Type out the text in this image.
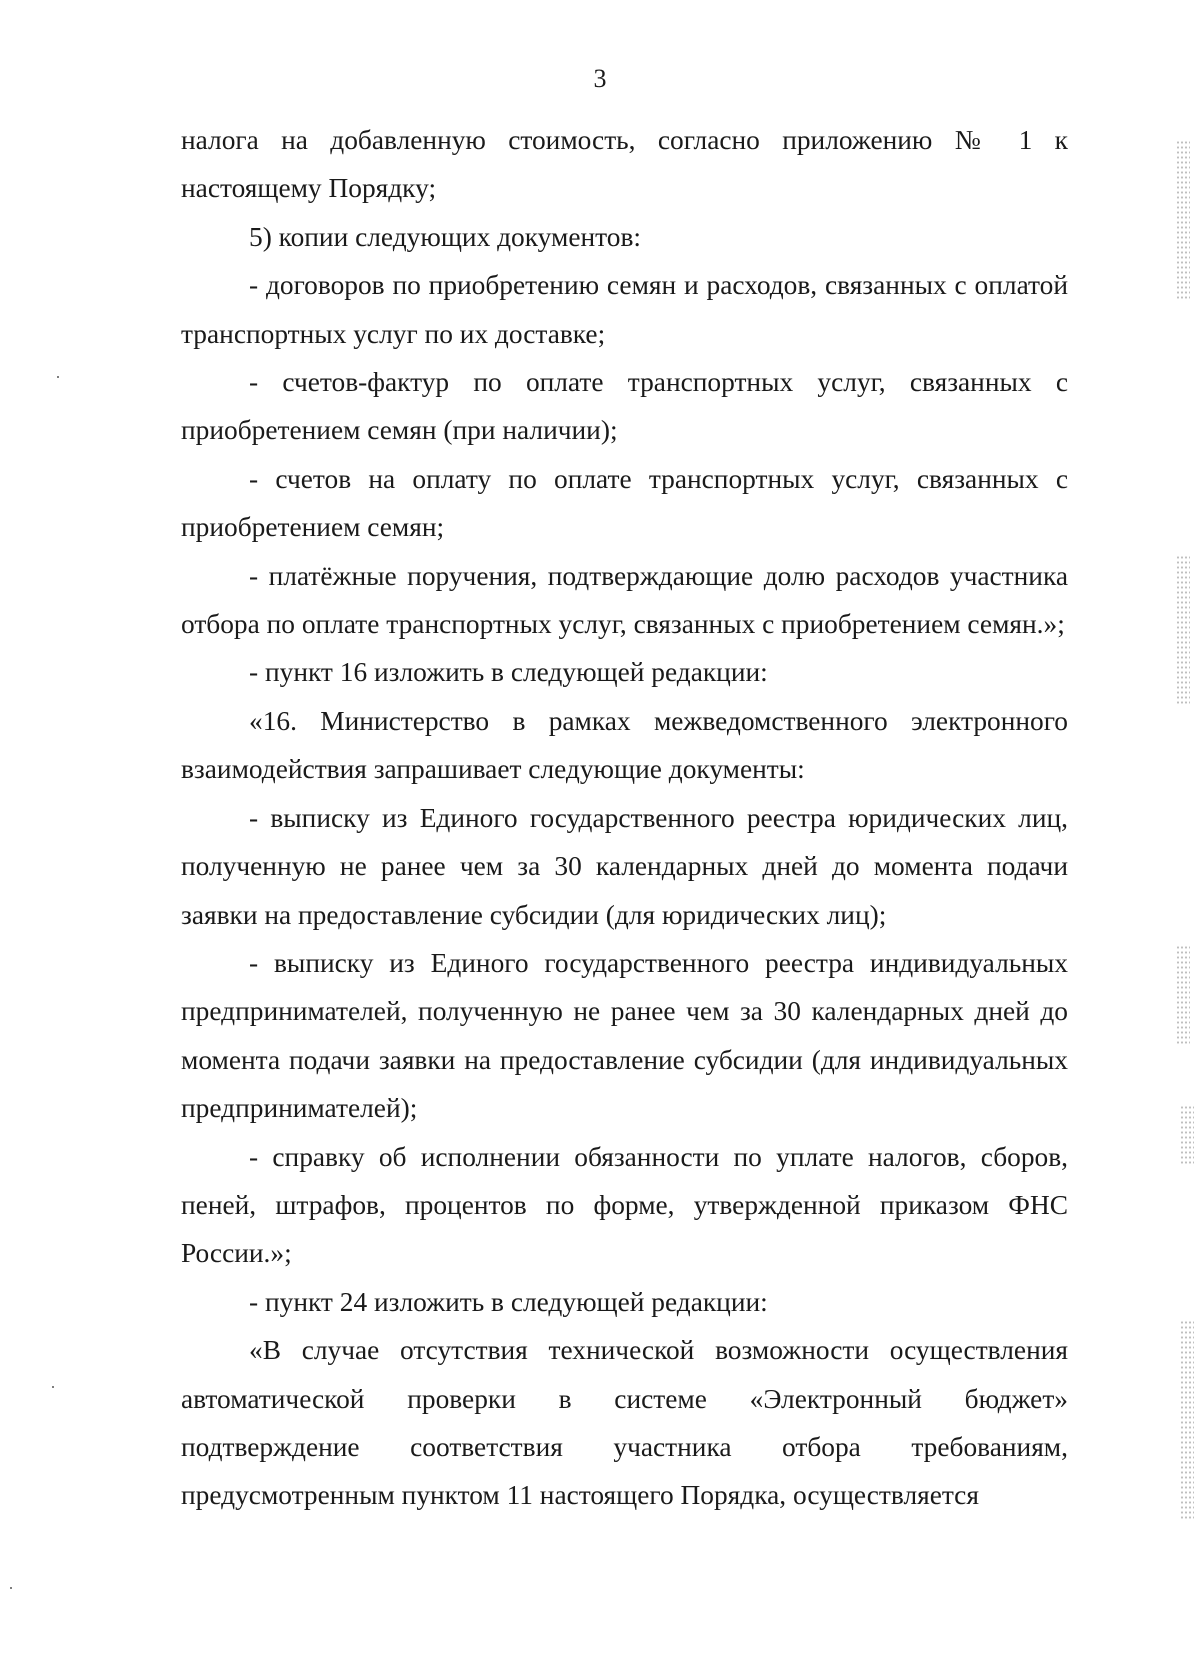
3

налога на добавленную стоимость, согласно приложению № 1 к настоящему Порядку;

5) копии следующих документов:

- договоров по приобретению семян и расходов, связанных с оплатой транспортных услуг по их доставке;

- счетов-фактур по оплате транспортных услуг, связанных с приобретением семян (при наличии);

- счетов на оплату по оплате транспортных услуг, связанных с приобретением семян;

- платёжные поручения, подтверждающие долю расходов участника отбора по оплате транспортных услуг, связанных с приобретением семян.»;

- пункт 16 изложить в следующей редакции:

«16. Министерство в рамках межведомственного электронного взаимодействия запрашивает следующие документы:

- выписку из Единого государственного реестра юридических лиц, полученную не ранее чем за 30 календарных дней до момента подачи заявки на предоставление субсидии (для юридических лиц);

- выписку из Единого государственного реестра индивидуальных предпринимателей, полученную не ранее чем за 30 календарных дней до момента подачи заявки на предоставление субсидии (для индивидуальных предпринимателей);

- справку об исполнении обязанности по уплате налогов, сборов, пеней, штрафов, процентов по форме, утвержденной приказом ФНС России.»;

- пункт 24 изложить в следующей редакции:

«В случае отсутствия технической возможности осуществления автоматической проверки в системе «Электронный бюджет» подтверждение соответствия участника отбора требованиям, предусмотренным пунктом 11 настоящего Порядка, осуществляется
